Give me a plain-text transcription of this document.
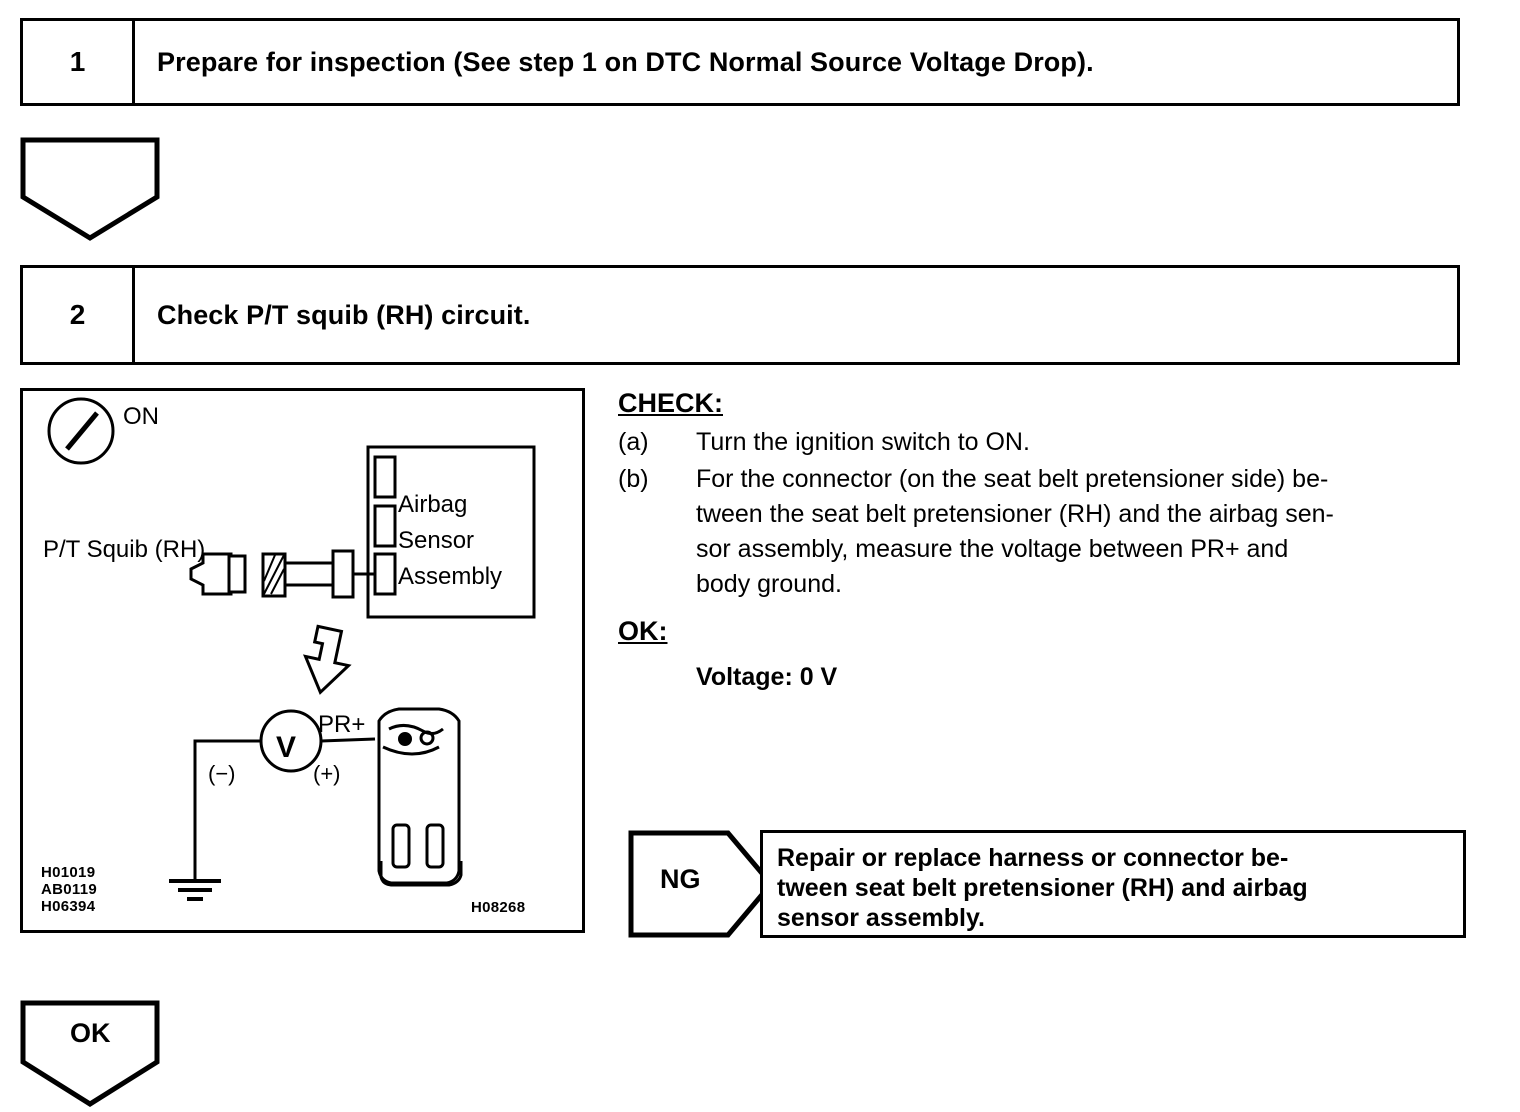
1	Prepare for inspection (See step 1 on DTC Normal Source Voltage Drop).
2	Check P/T squib (RH) circuit.
ON
P/T Squib (RH)
Airbag
Sensor
Assembly
PR+
V
(−)	(+)
H01019
AB0119
H06394	H08268
CHECK:
(a)	Turn the ignition switch to ON.
(b)	For the connector (on the seat belt pretensioner side) be-
tween the seat belt pretensioner (RH) and the airbag sen-
sor assembly, measure the voltage between PR+ and
body ground.
OK:
Voltage: 0 V
NG
Repair or replace harness or connector be-
tween seat belt pretensioner (RH) and airbag
sensor assembly.
OK
